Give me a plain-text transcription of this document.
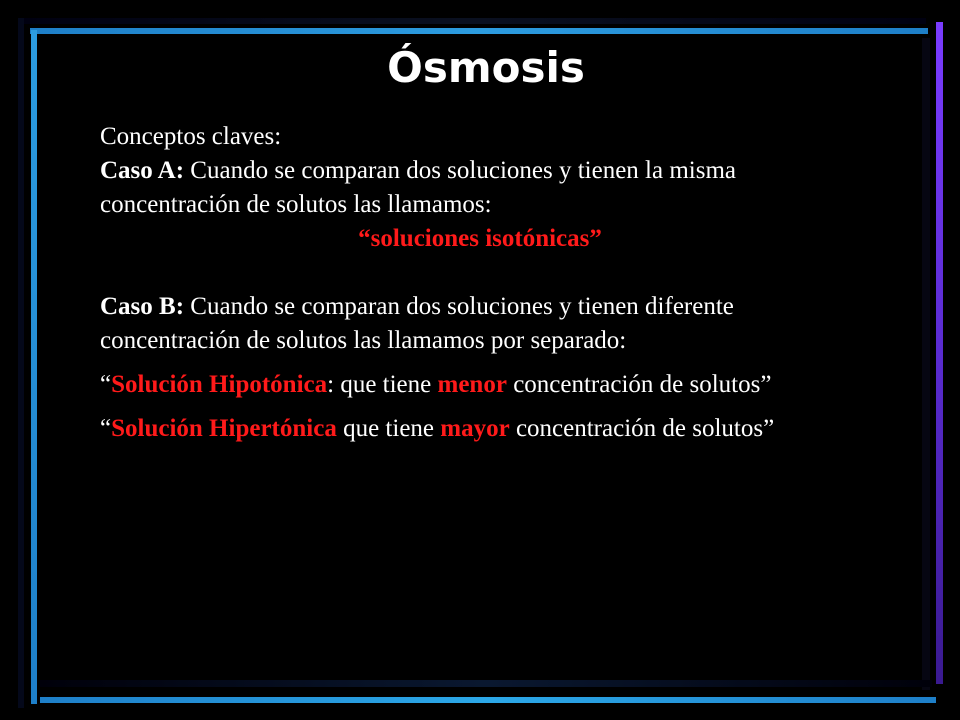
Ósmosis

Conceptos claves:

Caso A: Cuando se comparan dos soluciones y tienen la misma concentración de solutos las llamamos:

“soluciones isotónicas”

Caso B: Cuando se comparan dos soluciones y tienen diferente concentración de solutos las llamamos por separado:

“Solución Hipotónica: que tiene menor concentración de solutos”

“Solución Hipertónica que tiene mayor concentración de solutos”
